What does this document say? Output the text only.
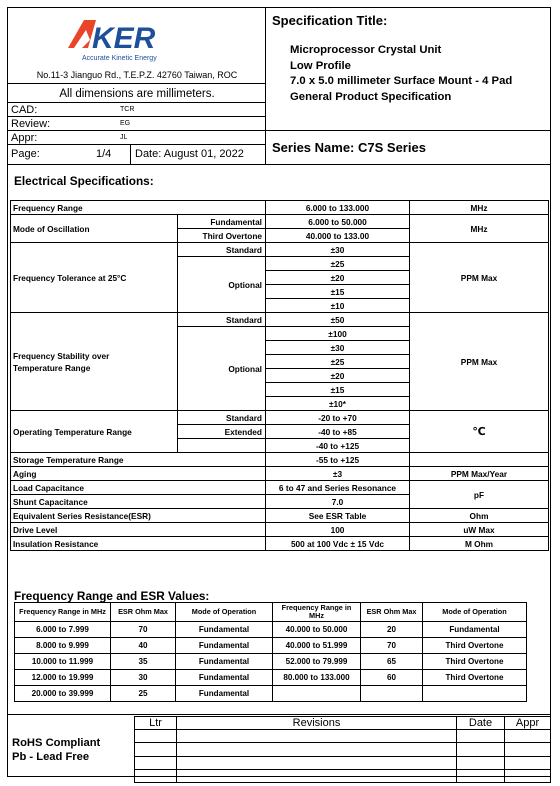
KER
Accurate Kinetic Energy
No.11-3 Jianguo Rd., T.E.P.Z. 42760 Taiwan, ROC
All dimensions are millimeters.
CAD:	TCR
Review:	EG
Appr:	JL
Page:	1/4 Date: August 01, 2022
Specification Title:
Microprocessor Crystal Unit
Low Profile
7.0 x 5.0 millimeter Surface Mount - 4 Pad
General Product Specification
Series Name: C7S Series
Electrical Specifications:
Frequency Range		6.000 to 133.000	MHz
Mode of Oscillation	Fundamental	6.000 to 50.000	MHz
	Third Overtone	40.000 to 133.00	
Frequency Tolerance at 25°C	Standard	±30	PPM Max
	Optional	±25	
		±20	
		±15	
		±10	
Frequency Stability over
Temperature Range	Standard	±50	PPM Max
	Optional	±100	
		±30	
		±25	
		±20	
		±15	
		±10*	
Operating Temperature Range	Standard	-20 to +70	℃
	Extended	-40 to +85	
		-40 to +125	
Storage Temperature Range		-55 to +125	
Aging		±3	PPM Max/Year
Load Capacitance		6 to 47 and Series Resonance	pF
Shunt Capacitance		7.0	
Equivalent Series Resistance(ESR)		See ESR Table	Ohm
Drive Level		100	uW Max
Insulation Resistance		500 at 100 Vdc ± 15 Vdc	M Ohm
Frequency Range and ESR Values:
Frequency Range in MHz	ESR Ohm Max	Mode of Operation	Frequency Range in MHz	ESR Ohm Max	Mode of Operation
6.000 to 7.999	70	Fundamental	40.000 to 50.000	20	Fundamental
8.000 to 9.999	40	Fundamental	40.000 to 51.999	70	Third Overtone
10.000 to 11.999	35	Fundamental	52.000 to 79.999	65	Third Overtone
12.000 to 19.999	30	Fundamental	80.000 to 133.000	60	Third Overtone
20.000 to 39.999	25	Fundamental			
RoHS Compliant
Pb - Lead Free
Ltr	Revisions	Date	Appr
